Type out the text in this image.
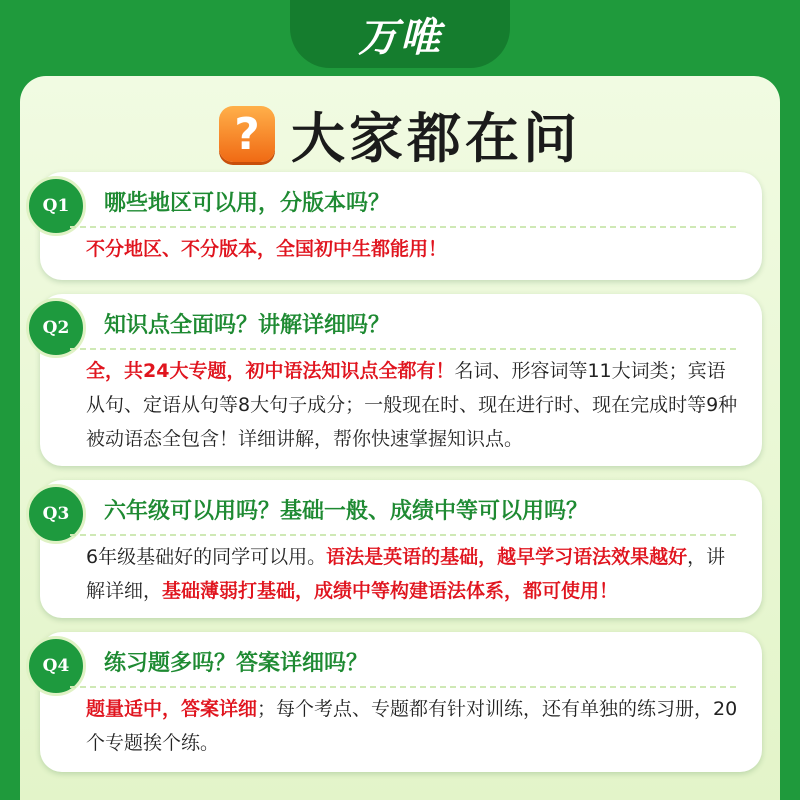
万唯
? 大家都在问
Q1	哪些地区可以用，分版本吗？
不分地区、不分版本，全国初中生都能用！
Q2	知识点全面吗？讲解详细吗？
全，共24大专题，初中语法知识点全都有！名词、形容词等11大词类；宾语从句、定语从句等8大句子成分；一般现在时、现在进行时、现在完成时等9种被动语态全包含！详细讲解，帮你快速掌握知识点。
Q3	六年级可以用吗？基础一般、成绩中等可以用吗？
6年级基础好的同学可以用。语法是英语的基础，越早学习语法效果越好，讲解详细，基础薄弱打基础，成绩中等构建语法体系，都可使用！
Q4	练习题多吗？答案详细吗？
题量适中，答案详细；每个考点、专题都有针对训练，还有单独的练习册，20个专题挨个练。
